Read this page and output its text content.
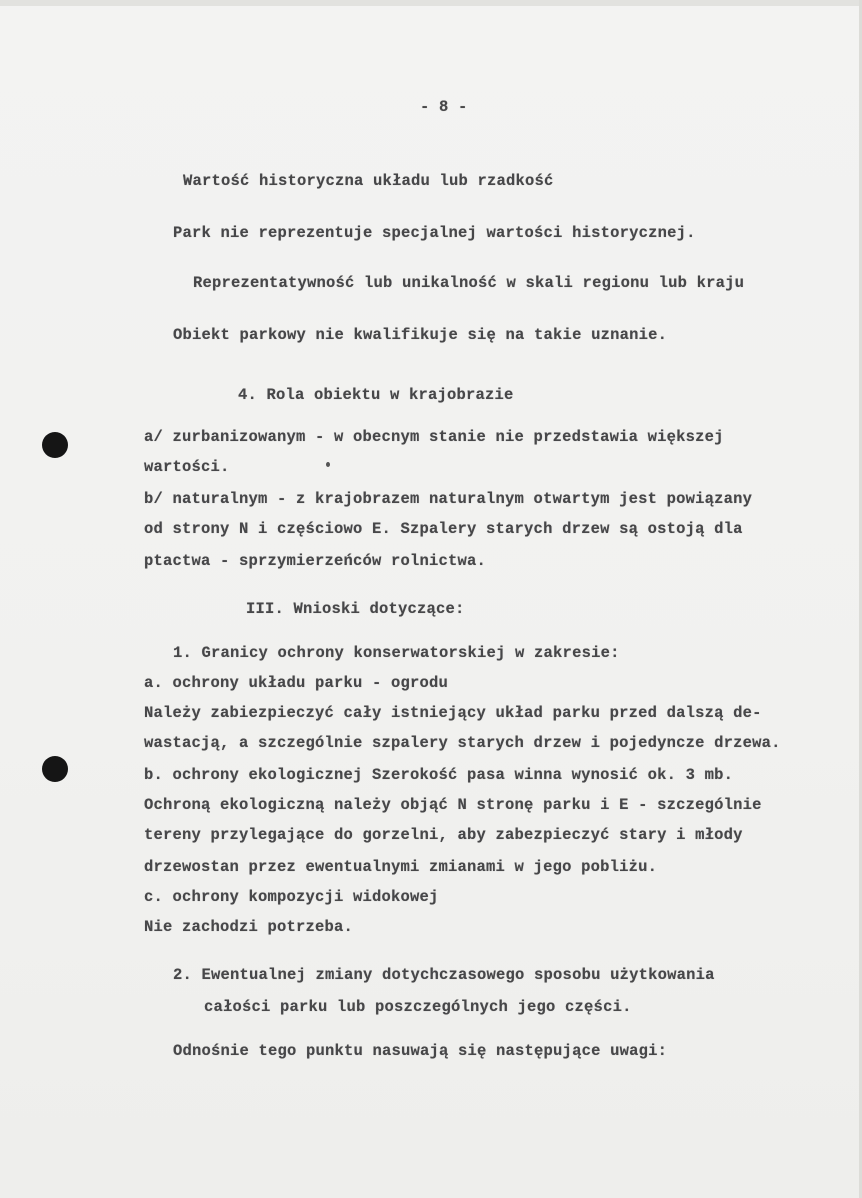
- 8 -
Wartość historyczna układu lub rzadkość
Park nie reprezentuje specjalnej wartości historycznej.
Reprezentatywność lub unikalność w skali regionu lub kraju
Obiekt parkowy nie kwalifikuje się na takie uznanie.
4. Rola obiektu w krajobrazie
a/ zurbanizowanym - w obecnym stanie nie przedstawia większej
wartości.
b/ naturalnym - z krajobrazem naturalnym otwartym jest powiązany
od strony N i częściowo E. Szpalery starych drzew są ostoją dla
ptactwa - sprzymierzeńców rolnictwa.
III. Wnioski dotyczące:
1. Granicy ochrony konserwatorskiej w zakresie:
a. ochrony układu parku - ogrodu
Należy zabiezpieczyć cały istniejący układ parku przed dalszą de-
wastacją, a szczególnie szpalery starych drzew i pojedyncze drzewa.
b. ochrony ekologicznej Szerokość pasa winna wynosić ok. 3 mb.
Ochroną ekologiczną należy objąć N stronę parku i E - szczególnie
tereny przylegające do gorzelni, aby zabezpieczyć stary i młody
drzewostan przez ewentualnymi zmianami w jego pobliżu.
c. ochrony kompozycji widokowej
Nie zachodzi potrzeba.
2. Ewentualnej zmiany dotychczasowego sposobu użytkowania
całości parku lub poszczególnych jego części.
Odnośnie tego punktu nasuwają się następujące uwagi:
